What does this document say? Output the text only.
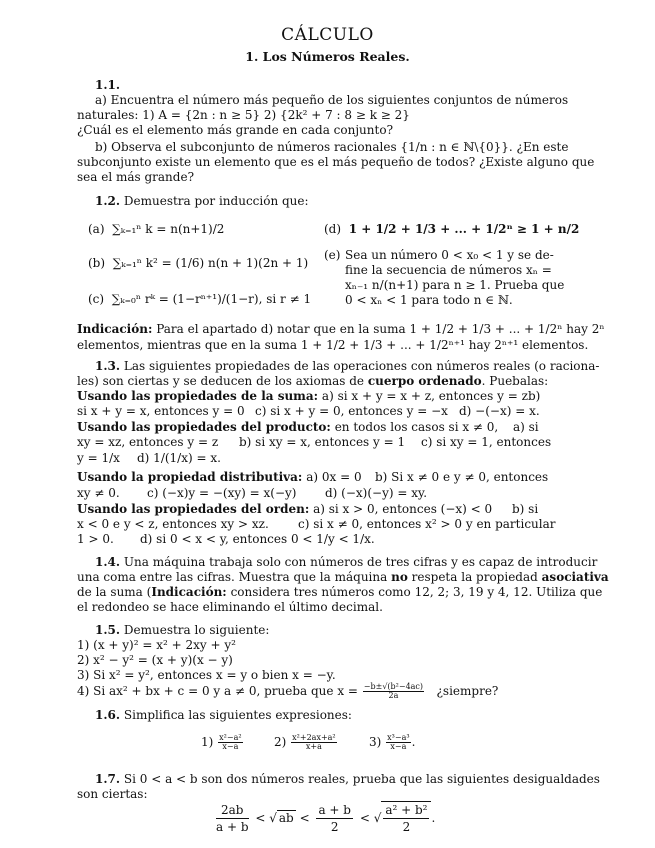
CÁLCULO
1. Los Números Reales.
1.1.
a) Encuentra el número más pequeño de los siguientes conjuntos de números
naturales: 1) A = {2n : n ≥ 5} 2) {2k² + 7 : 8 ≥ k ≥ 2}
¿Cuál es el elemento más grande en cada conjunto?
b) Observa el subconjunto de números racionales {1/n : n ∈ ℕ\{0}}. ¿En este
subconjunto existe un elemento que es el más pequeño de todos? ¿Existe alguno que
sea el más grande?
1.2. Demuestra por inducción que:
(a) ∑ₖ₌₁ⁿ k = n(n+1)/2
(b) ∑ₖ₌₁ⁿ k² = (1/6) n(n + 1)(2n + 1)
(c) ∑ₖ₌₀ⁿ rᵏ = (1−rⁿ⁺¹)/(1−r), si r ≠ 1
(d) 1 + 1/2 + 1/3 + ... + 1/2ⁿ ≥ 1 + n/2
(e) Sea un número 0 < x₀ < 1 y se de-
fine la secuencia de números xₙ =
xₙ₋₁ n/(n+1) para n ≥ 1. Prueba que
0 < xₙ < 1 para todo n ∈ ℕ.
Indicación: Para el apartado d) notar que en la suma 1 + 1/2 + 1/3 + ... + 1/2ⁿ hay 2ⁿ
elementos, mientras que en la suma 1 + 1/2 + 1/3 + ... + 1/2ⁿ⁺¹ hay 2ⁿ⁺¹ elementos.
1.3. Las siguientes propiedades de las operaciones con números reales (o raciona-
les) son ciertas y se deducen de los axiomas de cuerpo ordenado. Puebalas:
Usando las propiedades de la suma: a) si x + y = x + z, entonces y = z b)
si x + y = x, entonces y = 0 c) si x + y = 0, entonces y = −x d) −(−x) = x.
Usando las propiedades del producto: en todos los casos si x ≠ 0,	a) si
xy = xz, entonces y = z b) si xy = x, entonces y = 1 c) si xy = 1, entonces
y = 1/x d) 1/(1/x) = x.
Usando la propiedad distributiva: a) 0x = 0	b) Si x ≠ 0 e y ≠ 0, entonces
xy ≠ 0. c) (−x)y = −(xy) = x(−y) d) (−x)(−y) = xy.
Usando las propiedades del orden: a) si x > 0, entonces (−x) < 0	b) si
x < 0 e y < z, entonces xy > xz. c) si x ≠ 0, entonces x² > 0 y en particular
1 > 0. d) si 0 < x < y, entonces 0 < 1/y < 1/x.
1.4. Una máquina trabaja solo con números de tres cifras y es capaz de introducir
una coma entre las cifras. Muestra que la máquina no respeta la propiedad asociativa
de la suma (Indicación: considera tres números como 12, 2; 3, 19 y 4, 12. Utiliza que
el redondeo se hace eliminando el último decimal.
1.5. Demuestra lo siguiente:
1) (x + y)² = x² + 2xy + y²
2) x² − y² = (x + y)(x − y)
3) Si x² = y², entonces x = y o bien x = −y.
4) Si ax² + bx + c = 0 y a ≠ 0, prueba que $x = \frac{\text{−b±√(b²−4ac)}}{2a}$ ¿siempre?
1.6. Simplifica las siguientes expresiones:
$1) \frac{\text{x²−a²}}{x-a}$	$2) \frac{\text{x²+2ax+a²}}{x+a}$	$3) \frac{\text{x³−a³}}{x-a}$ .
1.7. Si 0 < a < b son dos números reales, prueba que las siguientes desigualdades
son ciertas:
$\frac{2ab}{a + b}$ < √ ab < $\frac{a + b}{2}$ < √ $\frac{\text{a² + b²}}{2}$ .
